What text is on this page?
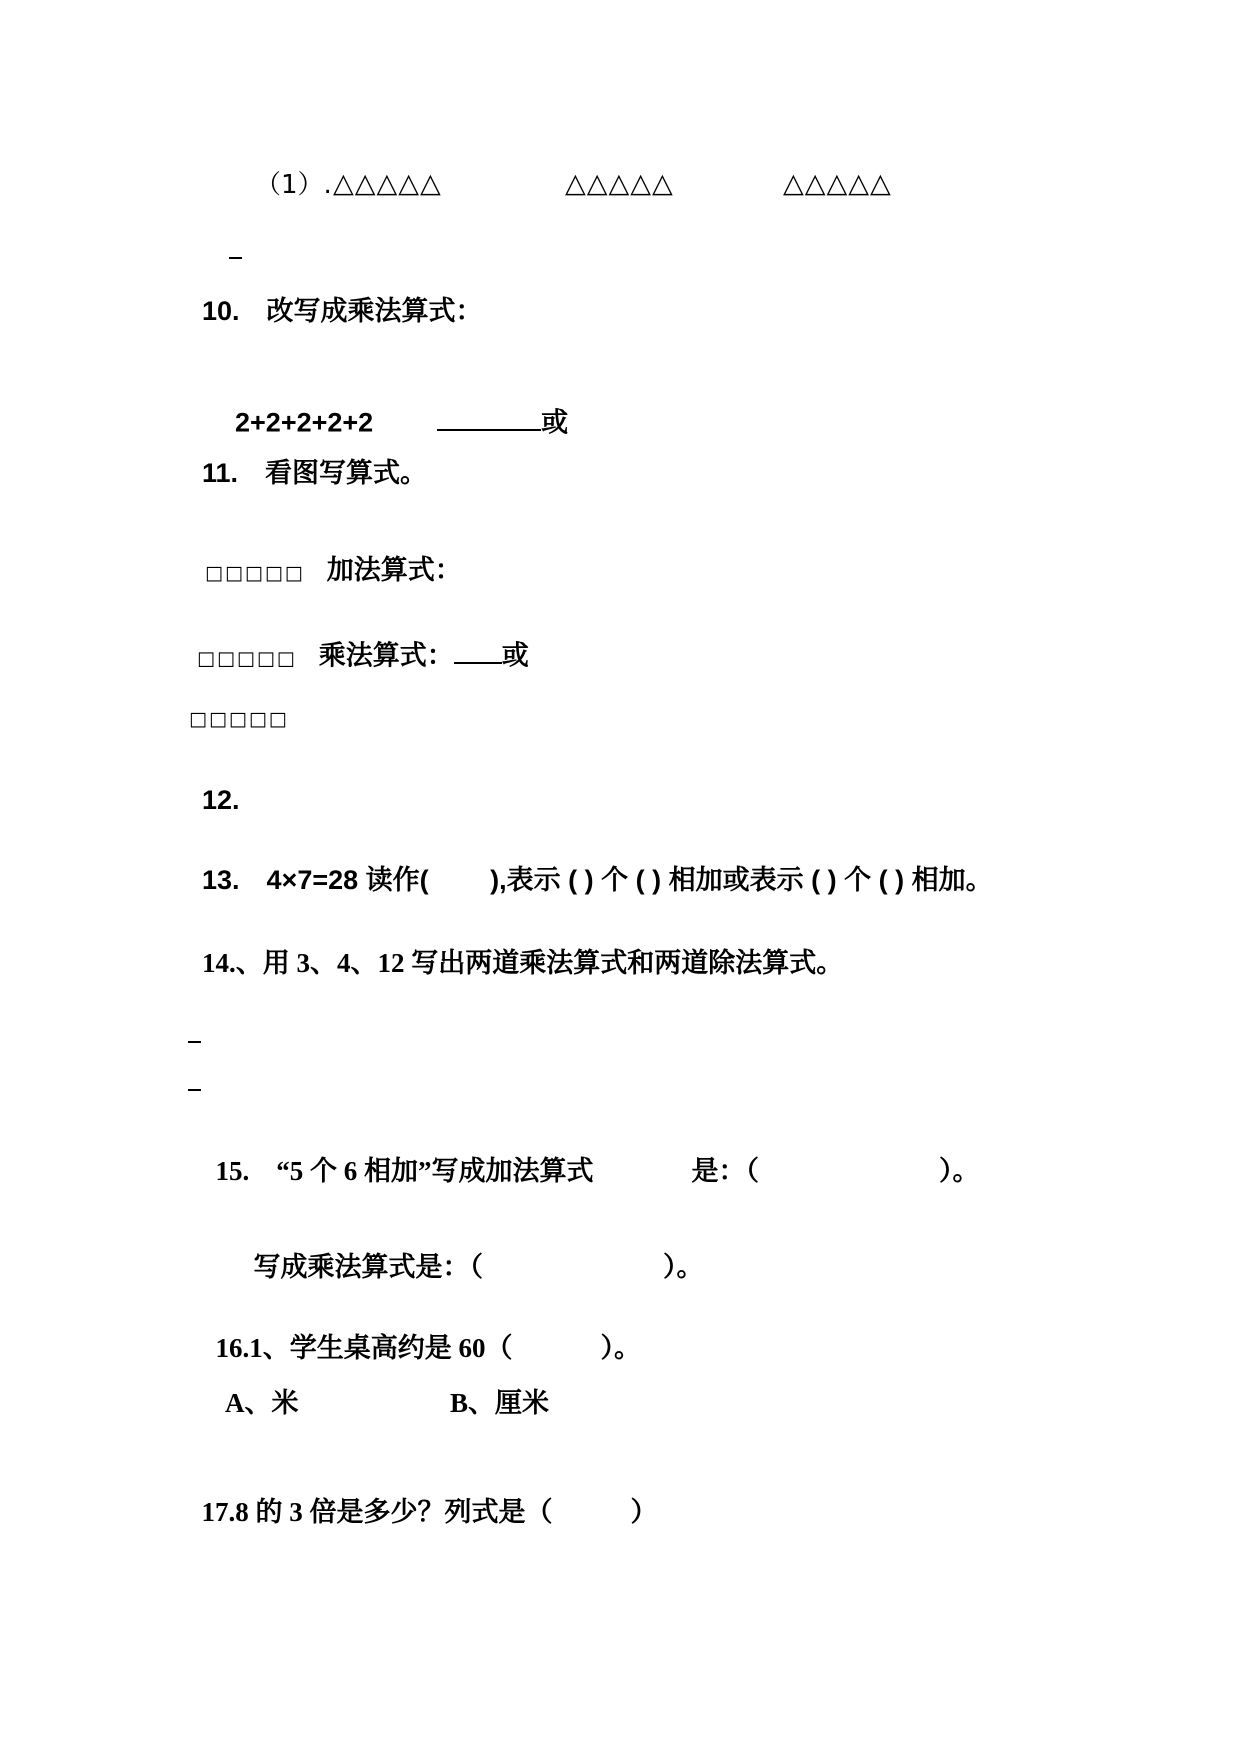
（1）. △△△△△	△△△△△	△△△△△
10.　改写成乘法算式：

2+2+2+2+2	或

11.　看图写算式。

□□□□□ 加法算式：

□□□□□ 乘法算式： 或

□□□□□
12.
13.　4×7=28 读作(　　 ),表示 ( ) 个 ( ) 相加或表示 ( ) 个 ( ) 相加。
14.、用 3、4、12 写出两道乘法算式和两道除法算式。

15.　“5 个 6 相加”写成加法算式	是：（	）。

写成乘法算式是：（	）。

16.1、学生桌高约是 60（	）。

A、米	B、厘米

17.8 的 3 倍是多少？列式是（	）
